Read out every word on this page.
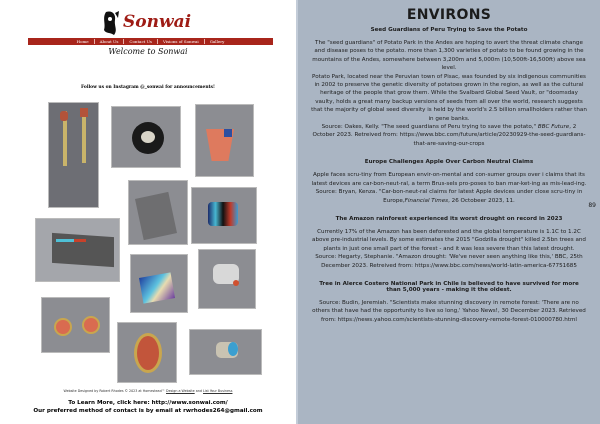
Sonwai
Home	About Us	Contact Us	Visions of Sonwai	Gallery
Welcome to Sonwai
Follow us on Instagram @_sonwai for announcements!
Website Designed by Robert Rhodes © 2023 at Homestead™ Design a Website and List Your Business
To Learn More, click here: http://www.sonwai.com/
Our preferred method of contact is by email at rwrhodes264@gmail.com
ENVIRONS
Seed Guardians of Peru Trying to Save the Potato

The "seed guardians" of Potato Park in the Andes are hoping to avert the threat climate change and disease poses to the potato. more than 1,300 varieties of potato to be found growing in the mountains of the Andes, somewhere between 3,200m and 5,000m (10,500ft-16,500ft) above sea level.

Potato Park, located near the Peruvian town of Pisac, was founded by six indigenous communities in 2002 to preserve the genetic diversity of potatoes grown in the region, as well as the cultural heritage of the people that grow them. While the Svalbard Global Seed Vault, or "doomsday vaulty, holds a great many backup versions of seeds from all over the world, research suggests that the majority of global seed diversity is held by the world's 2.5 billion smallholders rather than in gene banks.

Source: Oakes, Kelly. "The seed guardians of Peru trying to save the potato," BBC Future, 2 October 2023. Retreived from: https://www.bbc.com/future/article/20230929-the-seed-guardians-that-are-saving-our-crops

Europe Challenges Apple Over Carbon Neutral Claims

Apple faces scru-tiny from European envir-on-mental and con-sumer groups over i claims that its latest devices are car-bon-neut-ral, a term Brus-sels pro-poses to ban mar-ket-ing as mis-lead-ing.

Source: Bryan, Kenza. "Car-bon-neut-ral claims for latest Apple devices under close scru-tiny in Europe,Financial Times, 26 Octobeer 2023, 11.

The Amazon rainforest experienced its worst drought on record in 2023

Currently 17% of the Amazon has been deforested and the global temperature is 1.1C to 1.2C above pre-industrial levels. By some estimates the 2015 "Godzilla drought" killed 2.5bn trees and plants in just one small part of the forest - and it was less severe than this latest drought.

Source: Hegarty, Stephanie. "Amazon drought: 'We've never seen anything like this,' BBC, 25th December 2023. Retreived from: https://www.bbc.com/news/world-latin-america-67751685

Tree in Alerce Costero National Park in Chile is believed to have survived for more than 5,000 years - making it the oldest.

Source: Budin, Jeremiah. "Scientists make stunning discovery in remote forest: 'There are no others that have had the opportunity to live so long,' Yahoo News!, 30 December 2023. Retrieved from: https://news.yahoo.com/scientists-stunning-discovery-remote-forest-010000780.html

89
